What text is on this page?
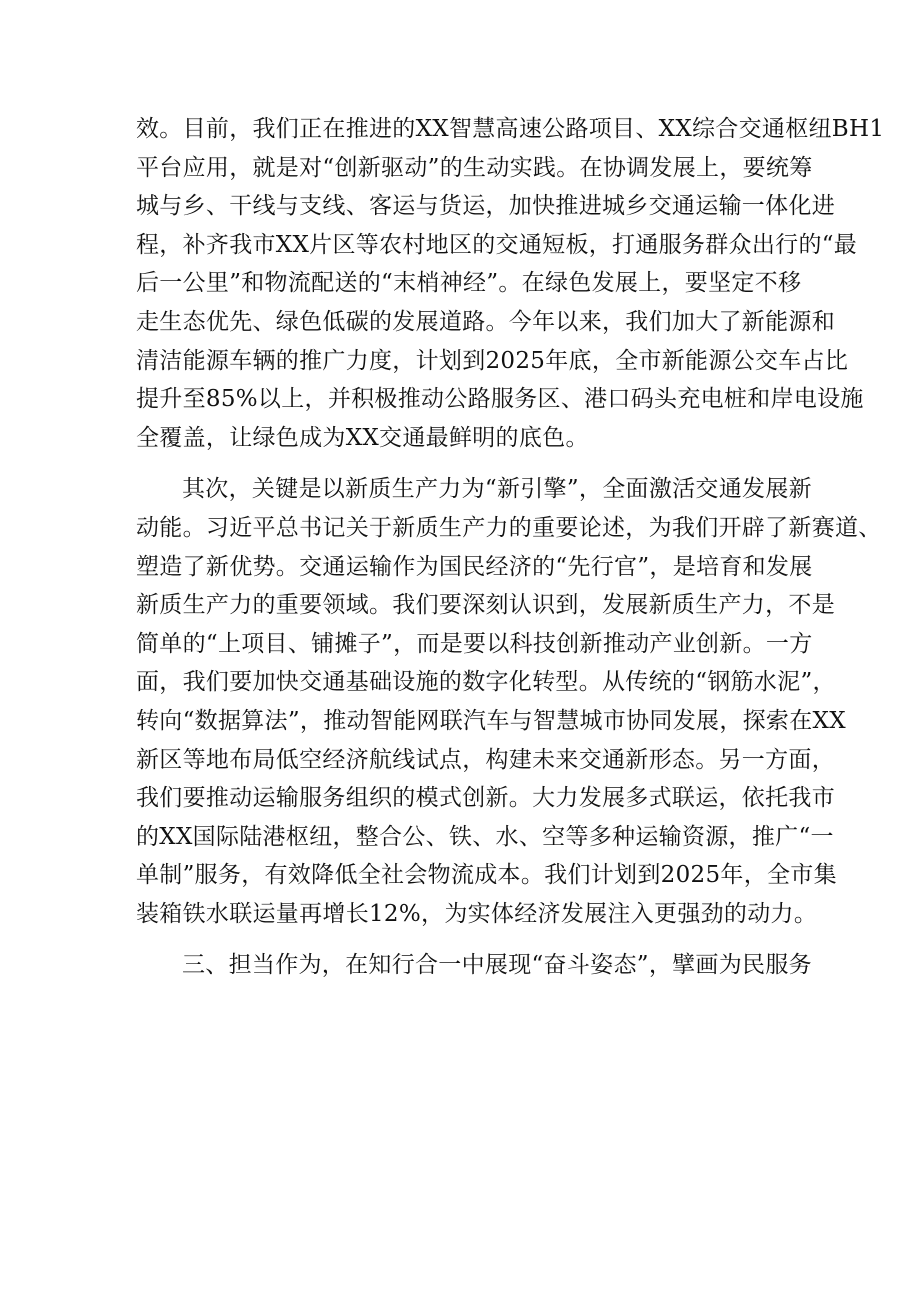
效。目前，我们正在推进的XX智慧高速公路项目、XX综合交通枢纽BH1
平台应用，就是对“创新驱动”的生动实践。在协调发展上，要统筹
城与乡、干线与支线、客运与货运，加快推进城乡交通运输一体化进
程，补齐我市XX片区等农村地区的交通短板，打通服务群众出行的“最
后一公里”和物流配送的“末梢神经”。在绿色发展上，要坚定不移
走生态优先、绿色低碳的发展道路。今年以来，我们加大了新能源和
清洁能源车辆的推广力度，计划到2025年底，全市新能源公交车占比
提升至85%以上，并积极推动公路服务区、港口码头充电桩和岸电设施
全覆盖，让绿色成为XX交通最鲜明的底色。
其次，关键是以新质生产力为“新引擎”，全面激活交通发展新
动能。习近平总书记关于新质生产力的重要论述，为我们开辟了新赛道、
塑造了新优势。交通运输作为国民经济的“先行官”，是培育和发展
新质生产力的重要领域。我们要深刻认识到，发展新质生产力，不是
简单的“上项目、铺摊子”，而是要以科技创新推动产业创新。一方
面，我们要加快交通基础设施的数字化转型。从传统的“钢筋水泥”，
转向“数据算法”，推动智能网联汽车与智慧城市协同发展，探索在XX
新区等地布局低空经济航线试点，构建未来交通新形态。另一方面，
我们要推动运输服务组织的模式创新。大力发展多式联运，依托我市
的XX国际陆港枢纽，整合公、铁、水、空等多种运输资源，推广“一
单制”服务，有效降低全社会物流成本。我们计划到2025年，全市集
装箱铁水联运量再增长12%，为实体经济发展注入更强劲的动力。
三、担当作为，在知行合一中展现“奋斗姿态”，擘画为民服务
